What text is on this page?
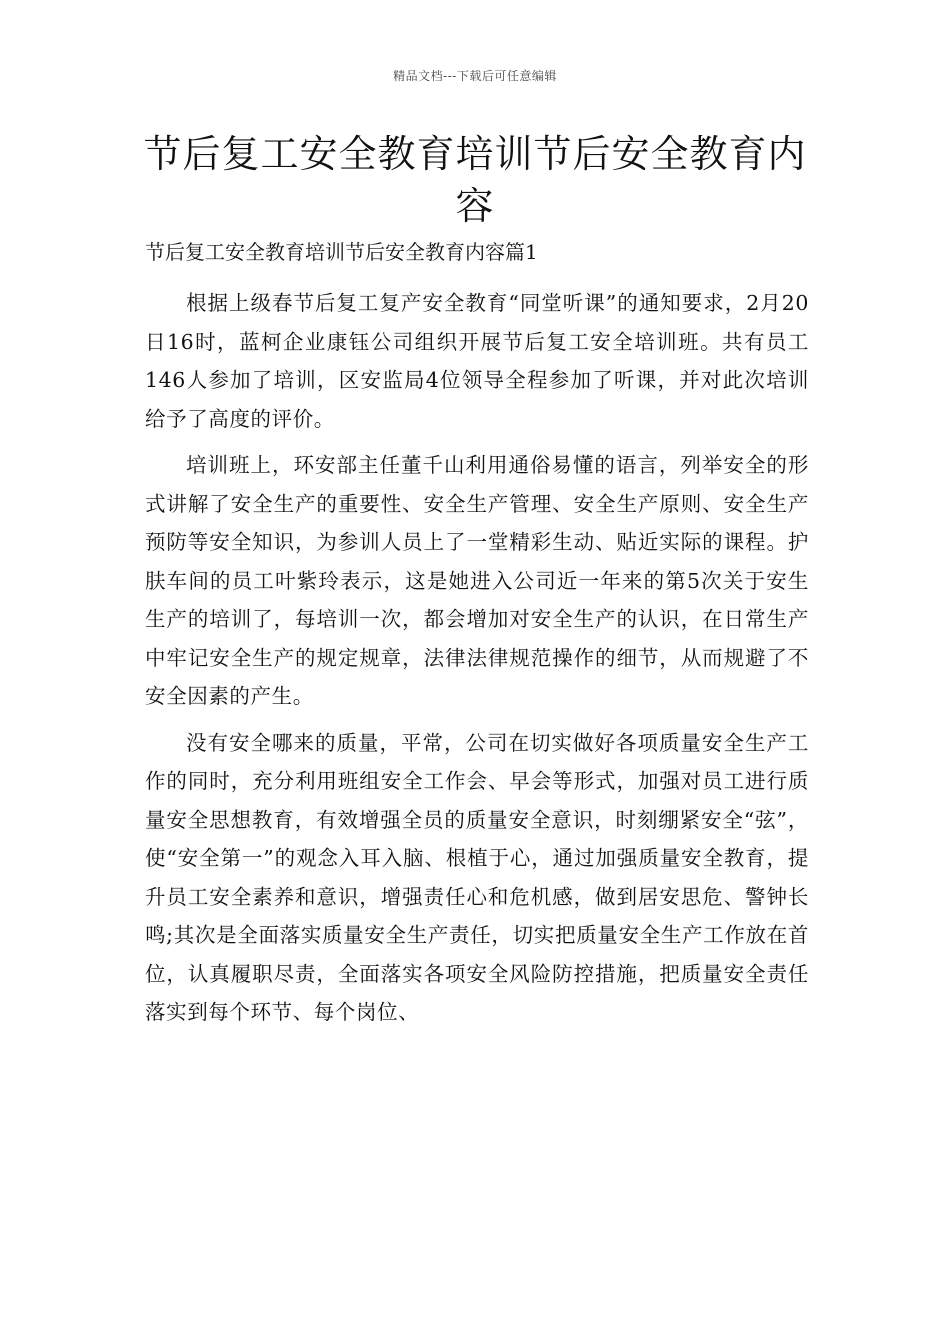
精品文档---下载后可任意编辑
节后复工安全教育培训节后安全教育内容
节后复工安全教育培训节后安全教育内容篇1

根据上级春节后复工复产安全教育“同堂听课”的通知要求，2月20日16时，蓝柯企业康钰公司组织开展节后复工安全培训班。共有员工146人参加了培训，区安监局4位领导全程参加了听课，并对此次培训给予了高度的评价。

培训班上，环安部主任董千山利用通俗易懂的语言，列举安全的形式讲解了安全生产的重要性、安全生产管理、安全生产原则、安全生产预防等安全知识，为参训人员上了一堂精彩生动、贴近实际的课程。护肤车间的员工叶紫玲表示，这是她进入公司近一年来的第5次关于安生生产的培训了，每培训一次，都会增加对安全生产的认识，在日常生产中牢记安全生产的规定规章，法律法律规范操作的细节，从而规避了不安全因素的产生。

没有安全哪来的质量，平常，公司在切实做好各项质量安全生产工作的同时，充分利用班组安全工作会、早会等形式，加强对员工进行质量安全思想教育，有效增强全员的质量安全意识，时刻绷紧安全“弦”，使“安全第一”的观念入耳入脑、根植于心，通过加强质量安全教育，提升员工安全素养和意识，增强责任心和危机感，做到居安思危、警钟长鸣;其次是全面落实质量安全生产责任，切实把质量安全生产工作放在首位，认真履职尽责，全面落实各项安全风险防控措施，把质量安全责任落实到每个环节、每个岗位、
